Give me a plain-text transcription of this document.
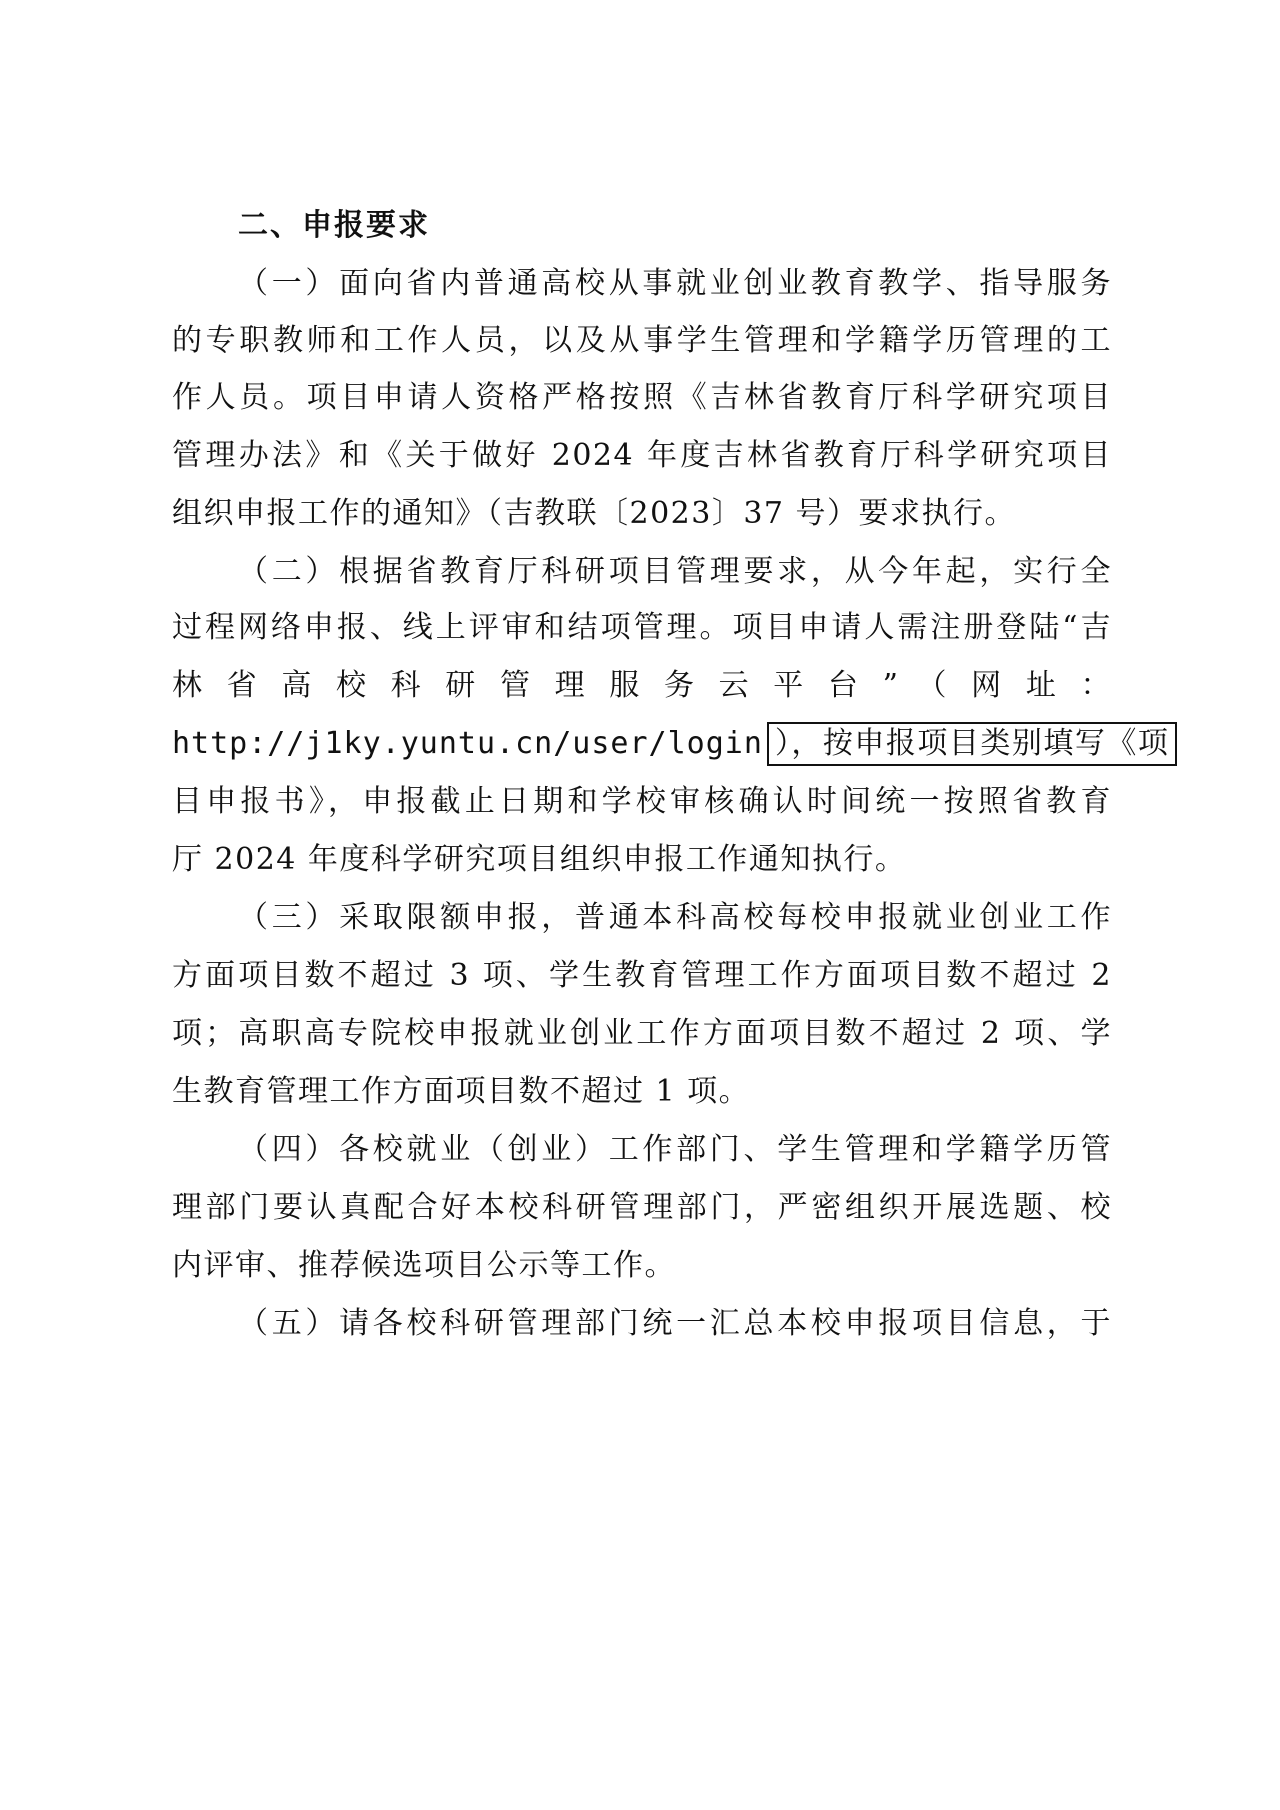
二、申报要求
（一）面向省内普通高校从事就业创业教育教学、指导服务
的专职教师和工作人员，以及从事学生管理和学籍学历管理的工
作人员。项目申请人资格严格按照《吉林省教育厅科学研究项目
管理办法》和《关于做好 2024 年度吉林省教育厅科学研究项目
组织申报工作的通知》（吉教联〔2023〕37 号）要求执行。
（二）根据省教育厅科研项目管理要求，从今年起，实行全
过程网络申报、线上评审和结项管理。项目申请人需注册登陆“吉
林 省 高 校 科 研 管 理 服 务 云 平 台 ” （ 网 址 ：
http://j1ky.yuntu.cn/user/login ），按申报项目类别填写《项
目申报书》，申报截止日期和学校审核确认时间统一按照省教育
厅 2024 年度科学研究项目组织申报工作通知执行。
（三）采取限额申报，普通本科高校每校申报就业创业工作
方面项目数不超过 3 项、学生教育管理工作方面项目数不超过 2
项；高职高专院校申报就业创业工作方面项目数不超过 2 项、学
生教育管理工作方面项目数不超过 1 项。
（四）各校就业（创业）工作部门、学生管理和学籍学历管
理部门要认真配合好本校科研管理部门，严密组织开展选题、校
内评审、推荐候选项目公示等工作。
（五）请各校科研管理部门统一汇总本校申报项目信息，于
